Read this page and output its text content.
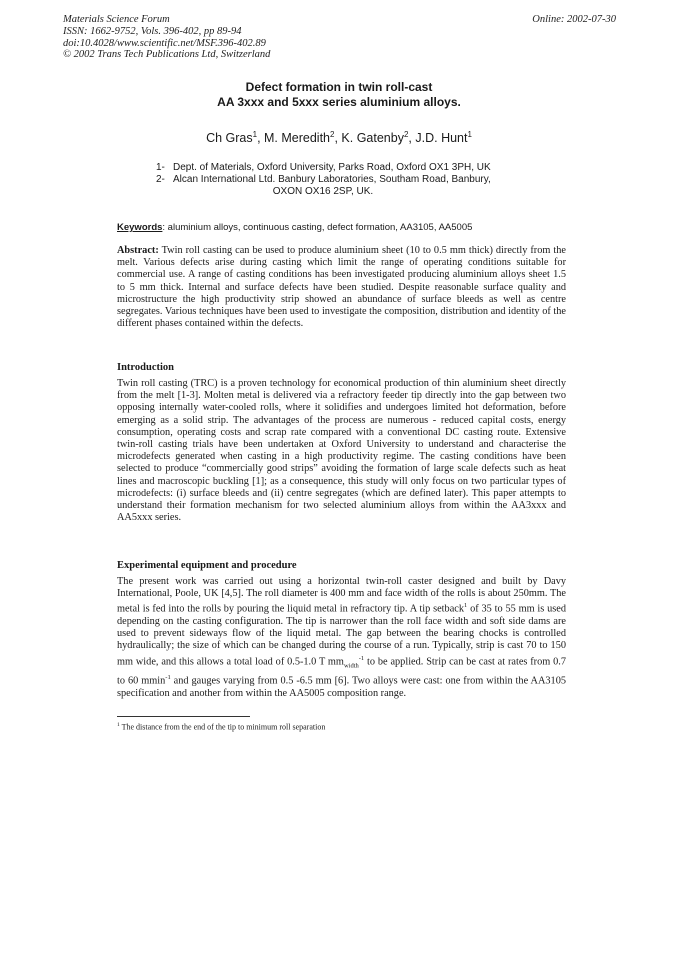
Materials Science Forum
ISSN: 1662-9752, Vols. 396-402, pp 89-94
doi:10.4028/www.scientific.net/MSF.396-402.89
© 2002 Trans Tech Publications Ltd, Switzerland
Online: 2002-07-30
Defect formation in twin roll-cast
AA 3xxx and 5xxx series aluminium alloys.
Ch Gras$^1$, M. Meredith$^2$, K. Gatenby$^2$, J.D. Hunt$^1$
1- Dept. of Materials, Oxford University, Parks Road, Oxford OX1 3PH, UK
2- Alcan International Ltd. Banbury Laboratories, Southam Road, Banbury,
OXON OX16 2SP, UK.
Keywords: aluminium alloys, continuous casting, defect formation, AA3105, AA5005
Abstract: Twin roll casting can be used to produce aluminium sheet (10 to 0.5 mm thick) directly from the melt. Various defects arise during casting which limit the range of operating conditions suitable for commercial use. A range of casting conditions has been investigated producing aluminium alloys sheet 1.5 to 5 mm thick. Internal and surface defects have been studied. Despite reasonable surface quality and microstructure the high productivity strip showed an abundance of surface bleeds as well as centre segregates. Various techniques have been used to investigate the composition, distribution and identity of the different phases contained within the defects.
Introduction
Twin roll casting (TRC) is a proven technology for economical production of thin aluminium sheet directly from the melt [1-3]. Molten metal is delivered via a refractory feeder tip directly into the gap between two opposing internally water-cooled rolls, where it solidifies and undergoes limited hot deformation, before emerging as a solid strip. The advantages of the process are numerous - reduced capital costs, energy consumption, operating costs and scrap rate compared with a conventional DC casting route. Extensive twin-roll casting trials have been undertaken at Oxford University to understand and characterise the microdefects generated when casting in a high productivity regime. The casting conditions have been selected to produce “commercially good strips” avoiding the formation of large scale defects such as heat lines and macroscopic buckling [1]; as a consequence, this study will only focus on two particular types of microdefects: (i) surface bleeds and (ii) centre segregates (which are defined later). This paper attempts to understand their formation mechanism for two selected aluminium alloys from within the AA3xxx and AA5xxx series.
Experimental equipment and procedure
The present work was carried out using a horizontal twin-roll caster designed and built by Davy International, Poole, UK [4,5]. The roll diameter is 400 mm and face width of the rolls is about 250mm. The metal is fed into the rolls by pouring the liquid metal in refractory tip. A tip setback$^1$ of 35 to 55 mm is used depending on the casting configuration. The tip is narrower than the roll face width and soft side dams are used to prevent sideways flow of the liquid metal. The gap between the bearing chocks is controlled hydraulically; the size of which can be changed during the course of a run. Typically, strip is cast 70 to 150 mm wide, and this allows a total load of 0.5-1.0 T $mm_{width}^{-1}$ to be applied. Strip can be cast at rates from 0.7 to 60 mmin$^{-1}$ and gauges varying from 0.5 -6.5 mm [6]. Two alloys were cast: one from within the AA3105 specification and another from within the AA5005 composition range.
$^1$ The distance from the end of the tip to minimum roll separation
